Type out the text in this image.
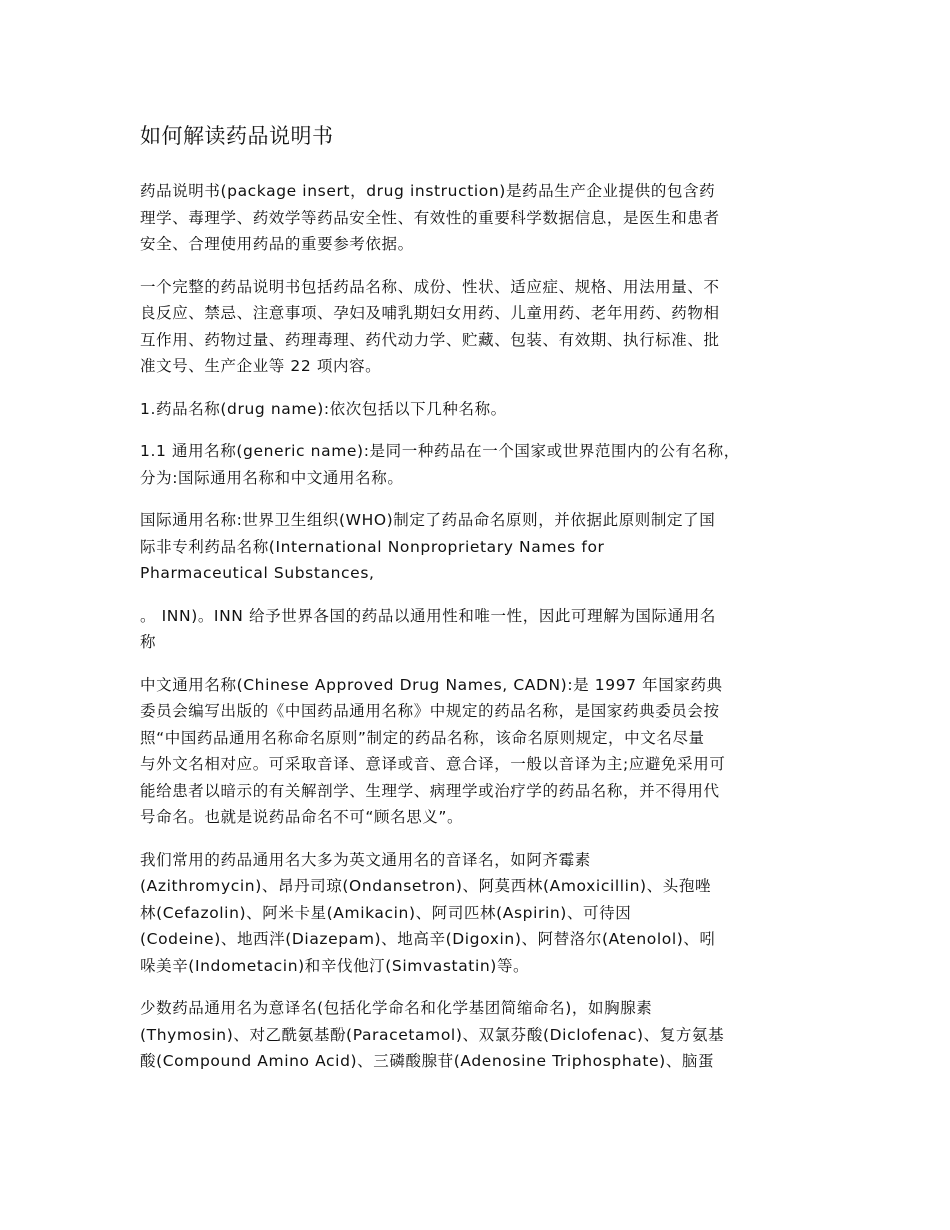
如何解读药品说明书

药品说明书(package insert，drug instruction)是药品生产企业提供的包含药
理学、毒理学、药效学等药品安全性、有效性的重要科学数据信息，是医生和患者
安全、合理使用药品的重要参考依据。

一个完整的药品说明书包括药品名称、成份、性状、适应症、规格、用法用量、不
良反应、禁忌、注意事项、孕妇及哺乳期妇女用药、儿童用药、老年用药、药物相
互作用、药物过量、药理毒理、药代动力学、贮藏、包装、有效期、执行标准、批
准文号、生产企业等 22 项内容。

1.药品名称(drug name):依次包括以下几种名称。

1.1 通用名称(generic name):是同一种药品在一个国家或世界范围内的公有名称，
分为:国际通用名称和中文通用名称。

国际通用名称:世界卫生组织(WHO)制定了药品命名原则，并依据此原则制定了国
际非专利药品名称(International Nonproprietary Names for
Pharmaceutical Substances,

。 INN)。INN 给予世界各国的药品以通用性和唯一性，因此可理解为国际通用名
称

中文通用名称(Chinese Approved Drug Names, CADN):是 1997 年国家药典
委员会编写出版的《中国药品通用名称》中规定的药品名称，是国家药典委员会按
照“中国药品通用名称命名原则”制定的药品名称，该命名原则规定，中文名尽量
与外文名相对应。可采取音译、意译或音、意合译，一般以音译为主;应避免采用可
能给患者以暗示的有关解剖学、生理学、病理学或治疗学的药品名称，并不得用代
号命名。也就是说药品命名不可“顾名思义”。

我们常用的药品通用名大多为英文通用名的音译名，如阿齐霉素
(Azithromycin)、昂丹司琼(Ondansetron)、阿莫西林(Amoxicillin)、头孢唑
林(Cefazolin)、阿米卡星(Amikacin)、阿司匹林(Aspirin)、可待因
(Codeine)、地西泮(Diazepam)、地高辛(Digoxin)、阿替洛尔(Atenolol)、吲
哚美辛(Indometacin)和辛伐他汀(Simvastatin)等。

少数药品通用名为意译名(包括化学命名和化学基团简缩命名)，如胸腺素
(Thymosin)、对乙酰氨基酚(Paracetamol)、双氯芬酸(Diclofenac)、复方氨基
酸(Compound Amino Acid)、三磷酸腺苷(Adenosine Triphosphate)、脑蛋
